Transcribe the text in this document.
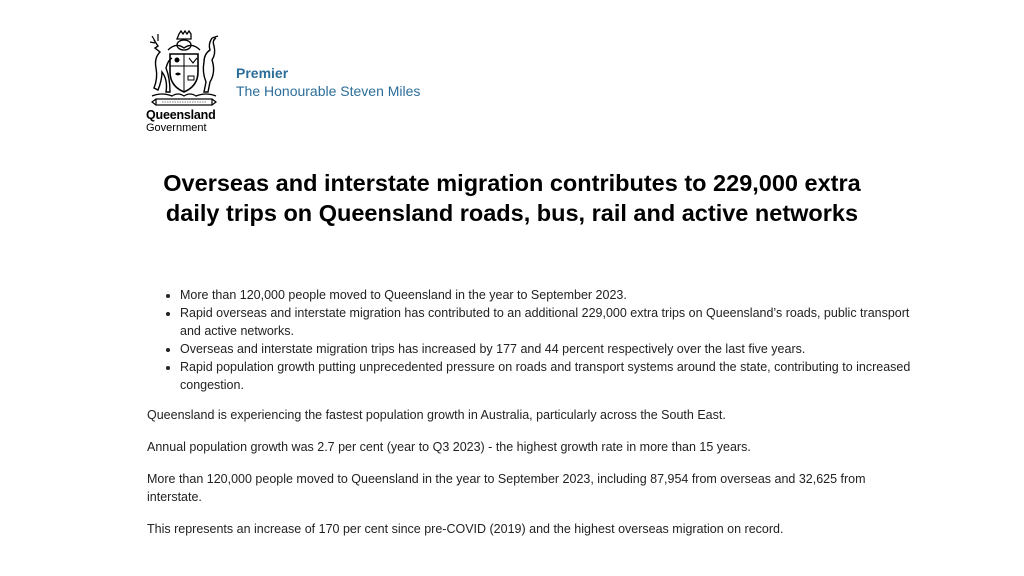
Queensland
Government
Premier
The Honourable Steven Miles
Overseas and interstate migration contributes to 229,000 extra daily trips on Queensland roads, bus, rail and active networks
• More than 120,000 people moved to Queensland in the year to September 2023.
• Rapid overseas and interstate migration has contributed to an additional 229,000 extra trips on Queensland’s roads, public transport and active networks.
• Overseas and interstate migration trips has increased by 177 and 44 percent respectively over the last five years.
• Rapid population growth putting unprecedented pressure on roads and transport systems around the state, contributing to increased congestion.

Queensland is experiencing the fastest population growth in Australia, particularly across the South East.

Annual population growth was 2.7 per cent (year to Q3 2023) - the highest growth rate in more than 15 years.

More than 120,000 people moved to Queensland in the year to September 2023, including 87,954 from overseas and 32,625 from interstate.

This represents an increase of 170 per cent since pre-COVID (2019) and the highest overseas migration on record.
